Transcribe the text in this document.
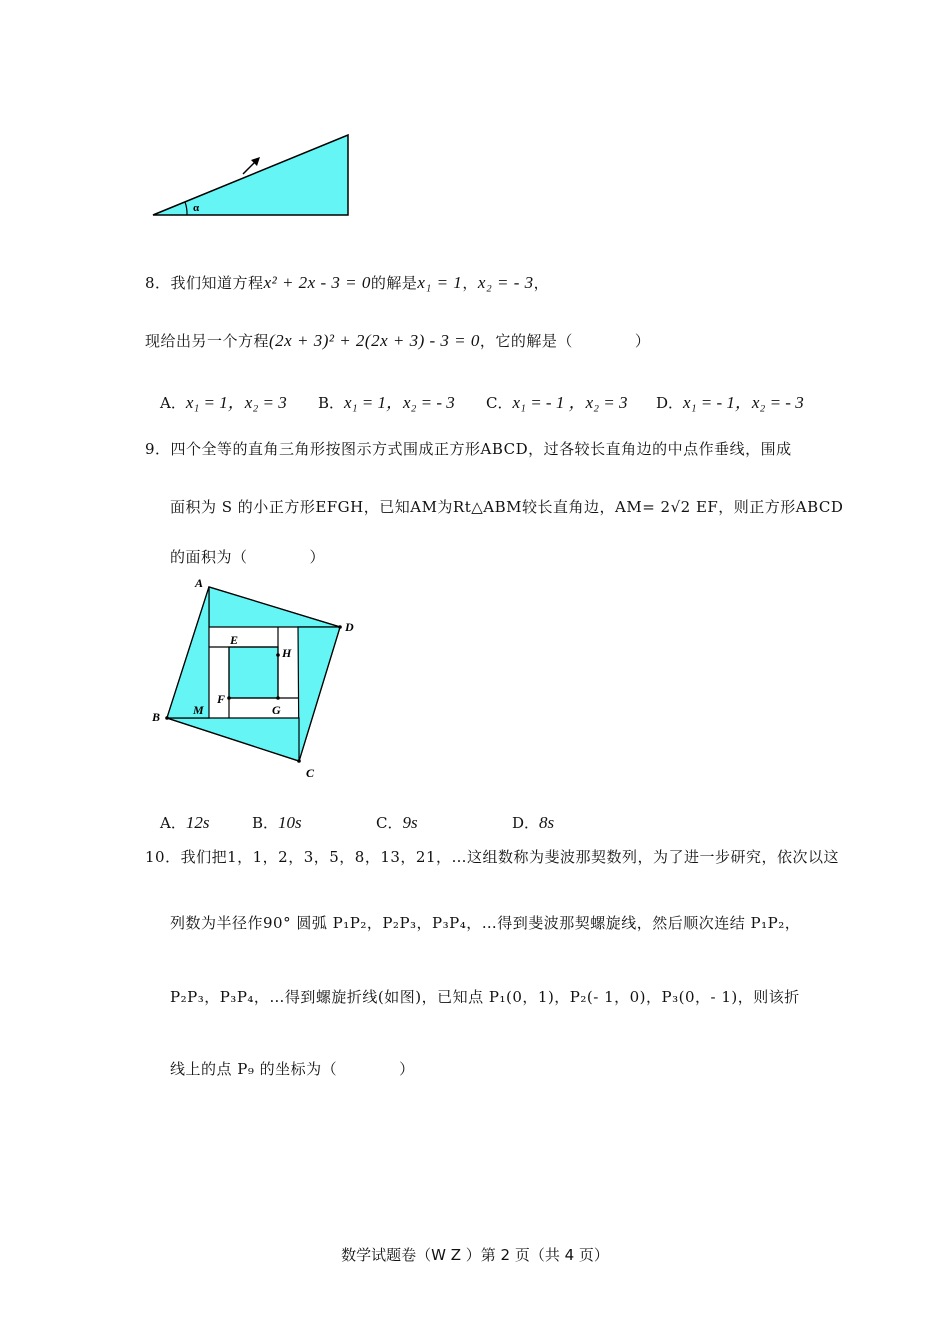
α
8．我们知道方程x² + 2x - 3 = 0的解是x₁ = 1，x₂ = - 3，
现给出另一个方程(2x + 3)² + 2(2x + 3) - 3 = 0，它的解是（　　　　）
A．x₁ = 1，x₂ = 3 B．x₁ = 1，x₂ = - 3 C．x₁ = - 1 ，x₂ = 3 D．x₁ = - 1，x₂ = - 3
9．四个全等的直角三角形按图示方式围成正方形ABCD，过各较长直角边的中点作垂线，围成
面积为 S 的小正方形EFGH，已知AM为Rt△ABM较长直角边，AM= 2√2 EF，则正方形ABCD
的面积为（　　　　）
A
D
B
C
E
H
F
G
M
A．12s	B．10s	C．9s	D．8s
10．我们把1，1，2，3，5，8，13，21，…这组数称为斐波那契数列，为了进一步研究，依次以这
列数为半径作90° 圆弧 P₁P₂，P₂P₃，P₃P₄，…得到斐波那契螺旋线，然后顺次连结 P₁P₂，
P₂P₃，P₃P₄，…得到螺旋折线(如图)，已知点 P₁(0，1)，P₂(- 1，0)，P₃(0，- 1)，则该折
线上的点 P₉ 的坐标为（　　　　）
数学试题卷（W Z ）第 2 页（共 4 页）
